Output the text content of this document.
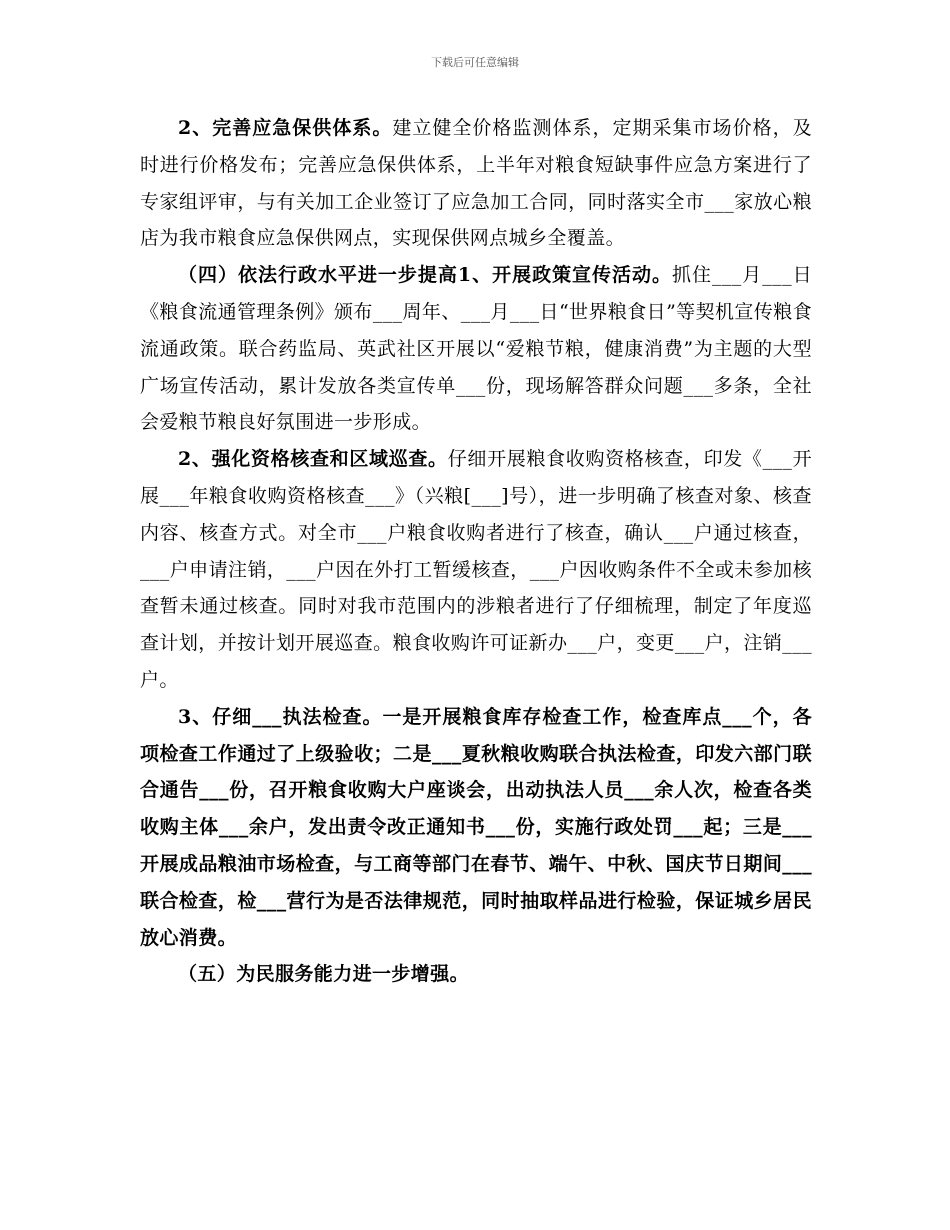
下载后可任意编辑

2、完善应急保供体系。建立健全价格监测体系，定期采集市场价格，及时进行价格发布；完善应急保供体系，上半年对粮食短缺事件应急方案进行了专家组评审，与有关加工企业签订了应急加工合同，同时落实全市___家放心粮店为我市粮食应急保供网点，实现保供网点城乡全覆盖。

（四）依法行政水平进一步提高1、开展政策宣传活动。抓住___月___日《粮食流通管理条例》颁布___周年、___月___日“世界粮食日”等契机宣传粮食流通政策。联合药监局、英武社区开展以“爱粮节粮，健康消费”为主题的大型广场宣传活动，累计发放各类宣传单___份，现场解答群众问题___多条，全社会爱粮节粮良好氛围进一步形成。

2、强化资格核查和区域巡查。仔细开展粮食收购资格核查，印发《___开展___年粮食收购资格核查___》（兴粮[___]号），进一步明确了核查对象、核查内容、核查方式。对全市___户粮食收购者进行了核查，确认___户通过核查，___户申请注销，___户因在外打工暂缓核查，___户因收购条件不全或未参加核查暂未通过核查。同时对我市范围内的涉粮者进行了仔细梳理，制定了年度巡查计划，并按计划开展巡查。粮食收购许可证新办___户，变更___户，注销___户。

3、仔细___执法检查。一是开展粮食库存检查工作，检查库点___个，各项检查工作通过了上级验收；二是___夏秋粮收购联合执法检查，印发六部门联合通告___份，召开粮食收购大户座谈会，出动执法人员___余人次，检查各类收购主体___余户，发出责令改正通知书___份，实施行政处罚___起；三是___开展成品粮油市场检查，与工商等部门在春节、端午、中秋、国庆节日期间___联合检查，检___营行为是否法律规范，同时抽取样品进行检验，保证城乡居民放心消费。

（五）为民服务能力进一步增强。
